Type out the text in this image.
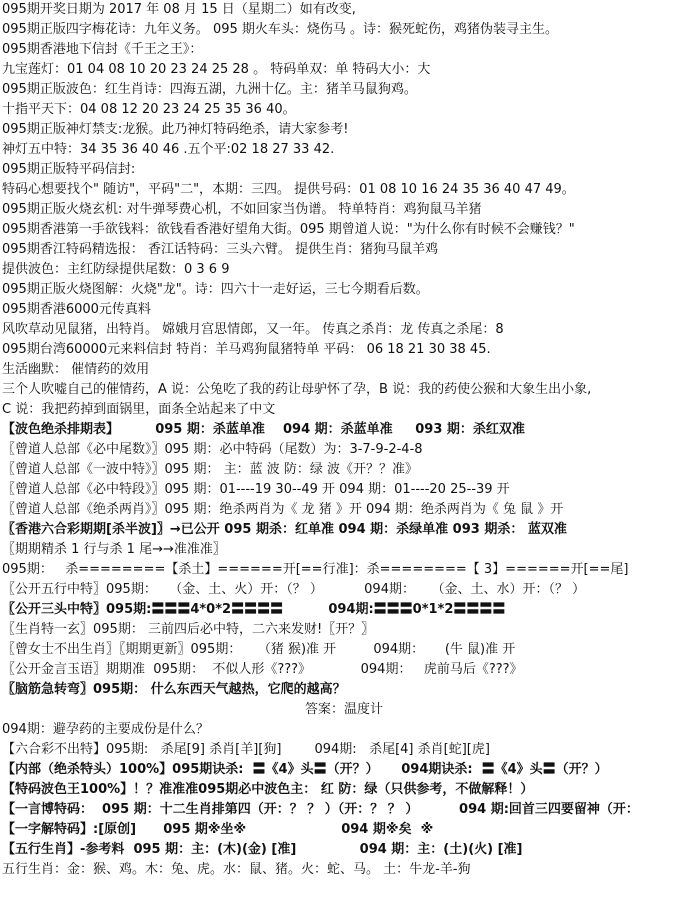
095期开奖日期为 2017 年 08 月 15 日（星期二）如有改变,
095期正版四字梅花诗：九年义务。 095 期火车头：烧伤马 。诗：猴死蛇伤，鸡猪伪装寻主生。
095期香港地下信封《千王之王》：
九宝莲灯：01 04 08 10 20 23 24 25 28 。 特码单双：单 特码大小：大
095期正版波色：红生肖诗：四海五湖，九洲十亿。主：猪羊马鼠狗鸡。
十指平天下：04 08 12 20 23 24 25 35 36 40。
095期正版神灯禁支:龙猴。此乃神灯特码绝杀，请大家参考!
神灯五中特：34 35 36 40 46 .五个平:02 18 27 33 42.
095期正版特平码信封:
特码心想要找个" 随访"，平码"二"，本期：三四。 提供号码：01 08 10 16 24 35 36 40 47 49。
095期正版火烧玄机: 对牛弹琴费心机，不如回家当伪谱。 特单特肖：鸡狗鼠马羊猪
095期香港第一手欲钱料：欲钱看香港好望角大街。095 期曾道人说："为什么你有时候不会赚钱？"
095期香江特码精选报： 香江话特码：三头六臂。 提供生肖：猪狗马鼠羊鸡
提供波色：主红防绿提供尾数：0 3 6 9
095期正版火烧图解：火烧"龙"。诗：四六十一走好运，三七今期看后数。
095期香港6000元传真料
风吹草动见鼠猪，出特肖。 嫦娥月宫思情郎，又一年。 传真之杀肖：龙 传真之杀尾：8
095期台湾60000元来料信封 特肖：羊马鸡狗鼠猪特单 平码： 06 18 21 30 38 45.
生活幽默： 催情药的效用
三个人吹嘘自己的催情药，A 说：公兔吃了我的药让母驴怀了孕，B 说：我的药使公猴和大象生出小象,
C 说：我把药掉到面锅里，面条全站起来了中文
【波色绝杀排期表】        095 期：杀蓝单准    094 期：杀蓝单准     093 期：杀红双准
〖曾道人总部《必中尾数》〗095 期：必中特码（尾数）为：3-7-9-2-4-8
〖曾道人总部《一波中特》〗095 期： 主：蓝 波 防：绿 波《开？？准》
〖曾道人总部《必中特段》〗095 期：01----19 30--49 开 094 期：01----20 25--39 开
〖曾道人总部《绝杀两肖》〗095 期：绝杀两肖为《 龙 猪 》开 094 期：绝杀两肖为《 兔 鼠 》开
〖香港六合彩期期[杀半波]〗→已公开 095 期杀：红单准 094 期：杀绿单准 093 期杀： 蓝双准
〖期期精杀 1 行与杀 1 尾→→准准准〗
095期：   杀========【杀土】======开[==行准]：杀========【 3】======开[==尾]
〖公开五行中特〗095期：   （金、土、火）开：（？ ）          094期：    （金、土、水）开：（？ ）
〖公开三头中特〗095期:〓〓〓4*0*2〓〓〓〓          094期:〓〓〓0*1*2〓〓〓〓
〖生肖特一玄〗095期： 三前四后必中特，二六来发财!〖开？〗
〖曾女士不出生肖〗〖期期更新〗095期：    （猪 猴)准 开         094期：     (牛 鼠)准 开
〖公开金言玉语〗期期准  095期：  不似人形《???》            094期：   虎前马后《???》
〖脑筋急转弯〗095期： 什么东西天气越热，它爬的越高？
答案：温度计
094期：避孕药的主要成份是什么？
【六合彩不出特】095期:   杀尾[9] 杀肖[羊][狗]        094期:   杀尾[4] 杀肖[蛇][虎]
【内部（绝杀特头）100%】095期诀杀:  〓《4》头〓（开？）     094期诀杀:  〓《4》头〓（开？）
【特码波色王100%】！？准准准095期必中波色主： 红 防：绿（只供参考，不做解释！）
【一言博特码：  095 期：十二生肖排第四（开：？ ？ ）（开：？ ？ ）         094 期:回首三四要留神（开：
【一字解特码】:[原创]      095 期※坐※                     094 期※矣  ※
【五行生肖】-参考料  095 期：主：(木)(金) [准]              094 期：主：(土)(火) [准]
五行生肖：金：猴、鸡。木：兔、虎。水：鼠、猪。火：蛇、马。 土：牛龙-羊-狗
